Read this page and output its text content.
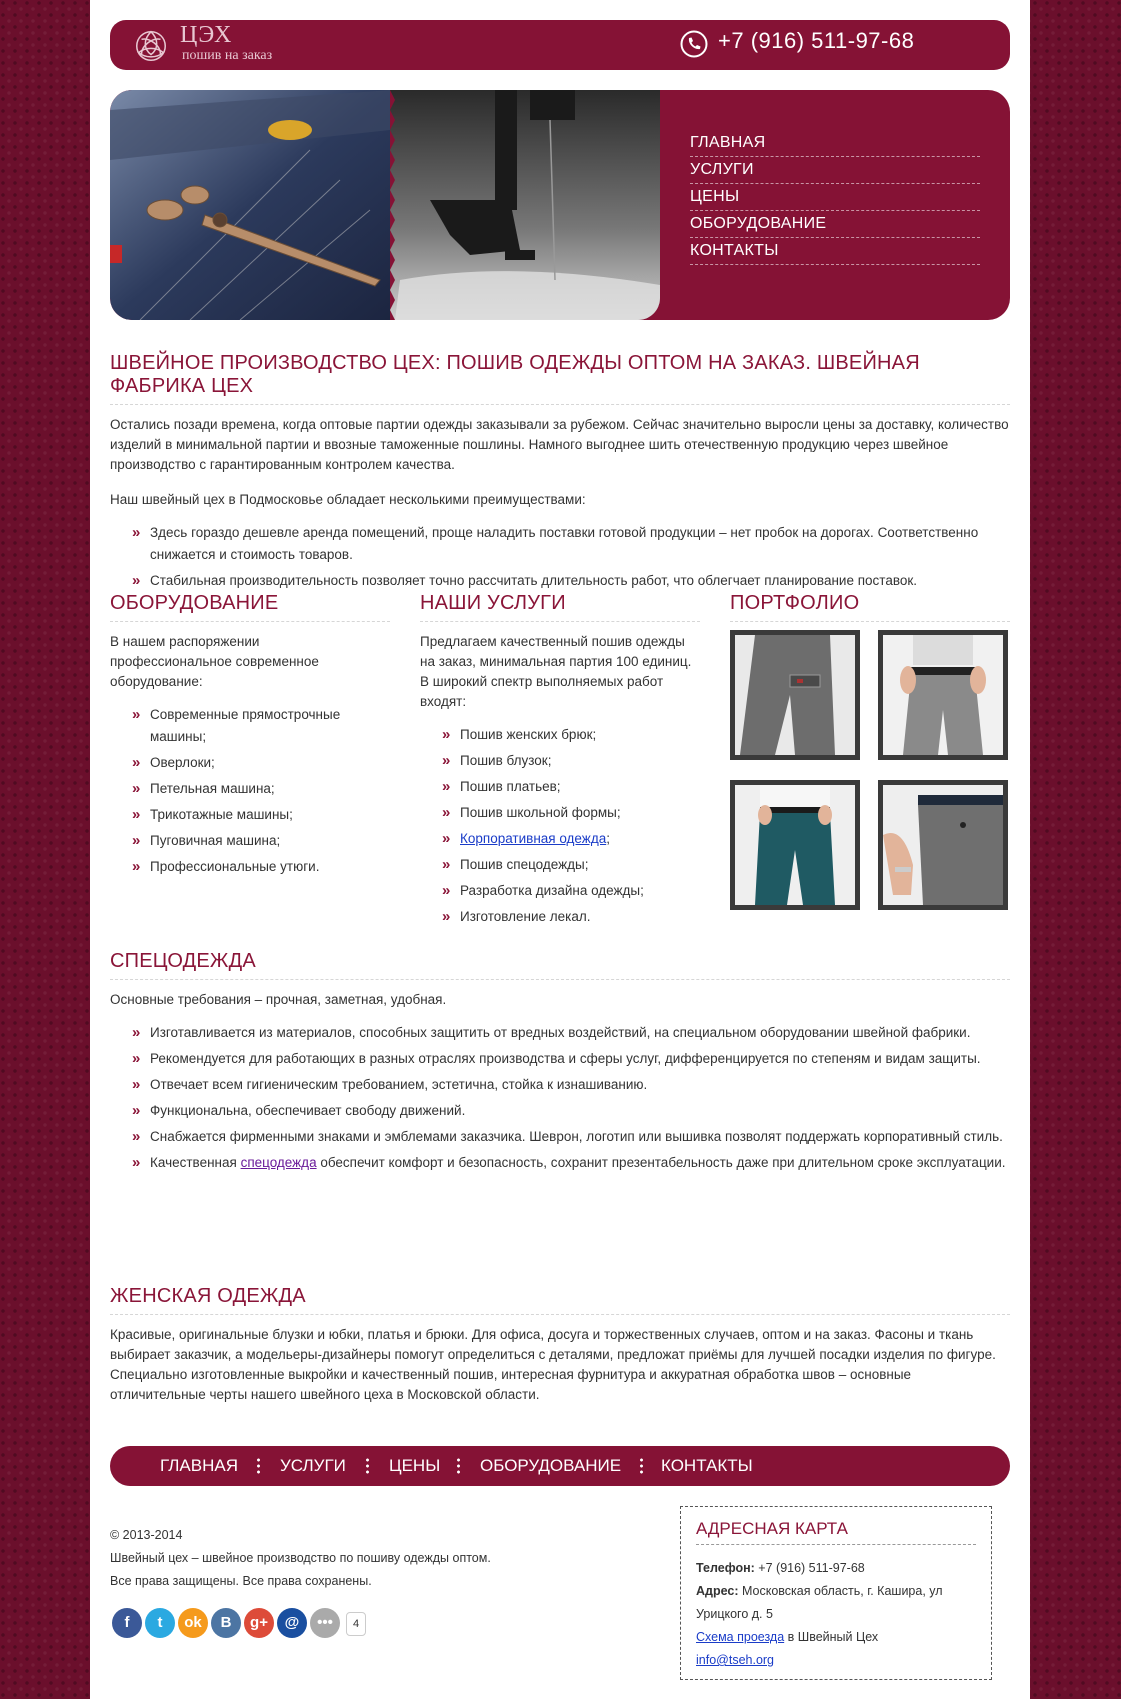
ЦЭХ
пошив на заказ
+7 (916) 511-97-68
ГЛАВНАЯ
УСЛУГИ
ЦЕНЫ
ОБОРУДОВАНИЕ
КОНТАКТЫ
ШВЕЙНОЕ ПРОИЗВОДСТВО ЦЕХ: ПОШИВ ОДЕЖДЫ ОПТОМ НА ЗАКАЗ. ШВЕЙНАЯ ФАБРИКА ЦЕХ

Остались позади времена, когда оптовые партии одежды заказывали за рубежом. Сейчас значительно выросли цены за доставку, количество изделий в минимальной партии и ввозные таможенные пошлины. Намного выгоднее шить отечественную продукцию через швейное производство с гарантированным контролем качества.

Наш швейный цех в Подмосковье обладает несколькими преимуществами:

» Здесь гораздо дешевле аренда помещений, проще наладить поставки готовой продукции – нет пробок на дорогах. Соответственно снижается и стоимость товаров.
» Стабильная производительность позволяет точно рассчитать длительность работ, что облегчает планирование поставок.
ОБОРУДОВАНИЕ

В нашем распоряжении профессиональное современное оборудование:

» Современные прямострочные машины;
» Оверлоки;
» Петельная машина;
» Трикотажные машины;
» Пуговичная машина;
» Профессиональные утюги.
НАШИ УСЛУГИ

Предлагаем качественный пошив одежды на заказ, минимальная партия 100 единиц. В широкий спектр выполняемых работ входят:

» Пошив женских брюк;
» Пошив блузок;
» Пошив платьев;
» Пошив школьной формы;
» Корпоративная одежда;
» Пошив спецодежды;
» Разработка дизайна одежды;
» Изготовление лекал.
ПОРТФОЛИО
СПЕЦОДЕЖДА

Основные требования – прочная, заметная, удобная.

» Изготавливается из материалов, способных защитить от вредных воздействий, на специальном оборудовании швейной фабрики.
» Рекомендуется для работающих в разных отраслях производства и сферы услуг, дифференцируется по степеням и видам защиты.
» Отвечает всем гигиеническим требованием, эстетична, стойка к изнашиванию.
» Функциональна, обеспечивает свободу движений.
» Снабжается фирменными знаками и эмблемами заказчика. Шеврон, логотип или вышивка позволят поддержать корпоративный стиль.
» Качественная спецодежда обеспечит комфорт и безопасность, сохранит презентабельность даже при длительном сроке эксплуатации.
ЖЕНСКАЯ ОДЕЖДА

Красивые, оригинальные блузки и юбки, платья и брюки. Для офиса, досуга и торжественных случаев, оптом и на заказ. Фасоны и ткань выбирает заказчик, а модельеры-дизайнеры помогут определиться с деталями, предложат приёмы для лучшей посадки изделия по фигуре. Специально изготовленные выкройки и качественный пошив, интересная фурнитура и аккуратная обработка швов – основные отличительные черты нашего швейного цеха в Московской области.

ГЛАВНАЯ УСЛУГИ	ЦЕНЫ ОБОРУДОВАНИЕ КОНТАКТЫ
© 2013-2014
Швейный цех – швейное производство по пошиву одежды оптом.
Все права защищены. Все права сохранены.
f	t	ok	B	g+	@	•••	4
АДРЕСНАЯ КАРТА
Телефон: +7 (916) 511-97-68
Адрес: Московская область, г. Кашира, ул Урицкого д. 5
Схема проезда в Швейный Цех
info@tseh.org
